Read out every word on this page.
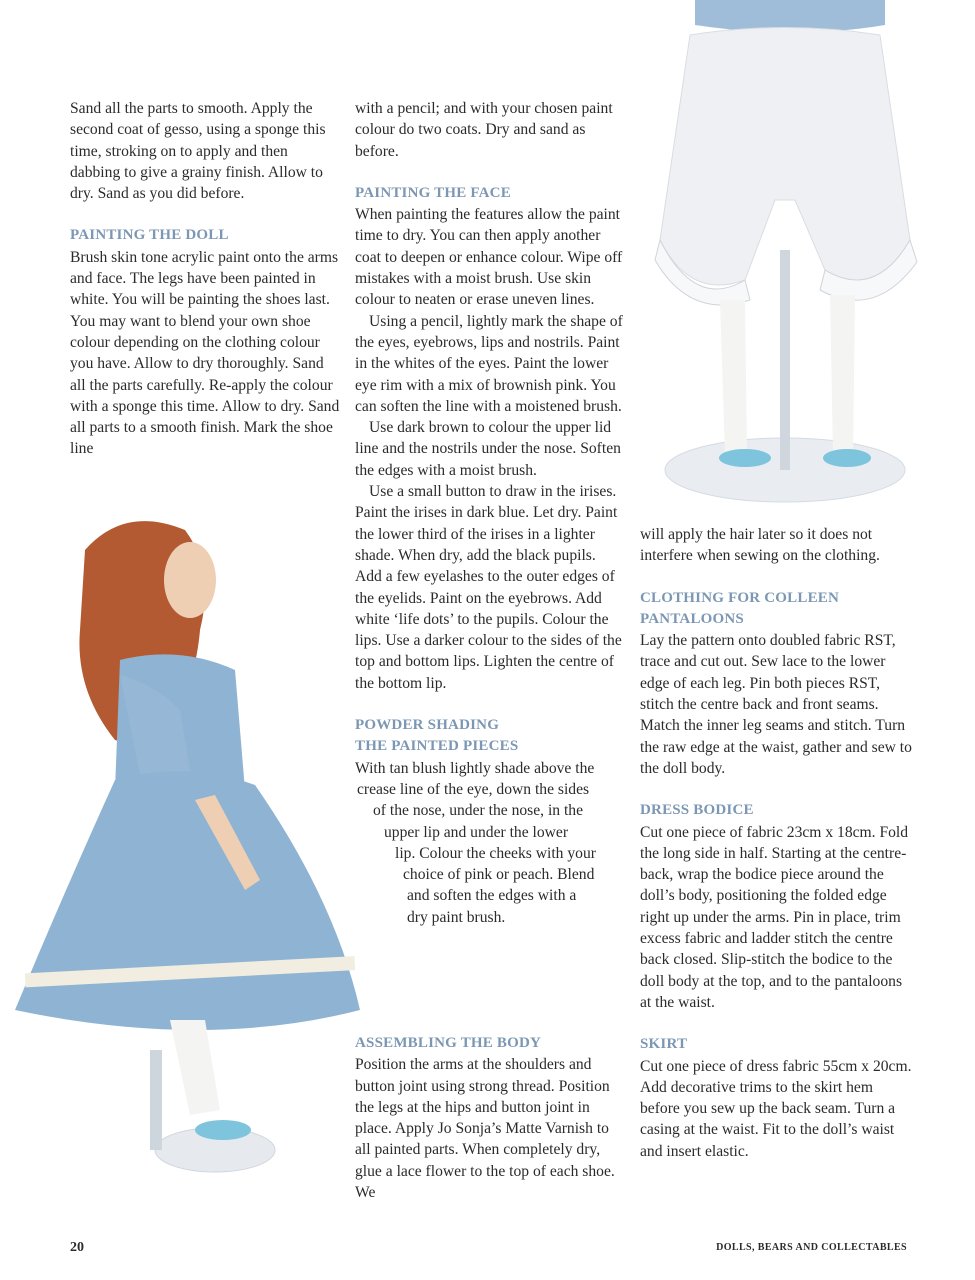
Sand all the parts to smooth. Apply the second coat of gesso, using a sponge this time, stroking on to apply and then dabbing to give a grainy finish. Allow to dry. Sand as you did before.

PAINTING THE DOLL

Brush skin tone acrylic paint onto the arms and face. The legs have been painted in white. You will be painting the shoes last. You may want to blend your own shoe colour depending on the clothing colour you have. Allow to dry thoroughly. Sand all the parts carefully. Re-apply the colour with a sponge this time. Allow to dry. Sand all parts to a smooth finish. Mark the shoe line

with a pencil; and with your chosen paint colour do two coats. Dry and sand as before.

PAINTING THE FACE

When painting the features allow the paint time to dry. You can then apply another coat to deepen or enhance colour. Wipe off mistakes with a moist brush. Use skin colour to neaten or erase uneven lines.

Using a pencil, lightly mark the shape of the eyes, eyebrows, lips and nostrils. Paint in the whites of the eyes. Paint the lower eye rim with a mix of brownish pink. You can soften the line with a moistened brush.

Use dark brown to colour the upper lid line and the nostrils under the nose. Soften the edges with a moist brush.

Use a small button to draw in the irises. Paint the irises in dark blue. Let dry. Paint the lower third of the irises in a lighter shade. When dry, add the black pupils. Add a few eyelashes to the outer edges of the eyelids. Paint on the eyebrows. Add white ‘life dots’ to the pupils. Colour the lips. Use a darker colour to the sides of the top and bottom lips. Lighten the centre of the bottom lip.

POWDER SHADING
THE PAINTED PIECES

With tan blush lightly shade above the
crease line of the eye, down the sides
of the nose, under the nose, in the
upper lip and under the lower
lip. Colour the cheeks with your
choice of pink or peach. Blend
and soften the edges with a
dry paint brush.

ASSEMBLING THE BODY

Position the arms at the shoulders and button joint using strong thread. Position the legs at the hips and button joint in place. Apply Jo Sonja’s Matte Varnish to all painted parts. When completely dry, glue a lace flower to the top of each shoe. We

will apply the hair later so it does not interfere when sewing on the clothing.

CLOTHING FOR COLLEEN
PANTALOONS

Lay the pattern onto doubled fabric RST, trace and cut out. Sew lace to the lower edge of each leg. Pin both pieces RST, stitch the centre back and front seams. Match the inner leg seams and stitch. Turn the raw edge at the waist, gather and sew to the doll body.

DRESS BODICE

Cut one piece of fabric 23cm x 18cm. Fold the long side in half. Starting at the centre-back, wrap the bodice piece around the doll’s body, positioning the folded edge right up under the arms. Pin in place, trim excess fabric and ladder stitch the centre back closed. Slip-stitch the bodice to the doll body at the top, and to the pantaloons at the waist.

SKIRT

Cut one piece of dress fabric 55cm x 20cm. Add decorative trims to the skirt hem before you sew up the back seam. Turn a casing at the waist. Fit to the doll’s waist and insert elastic.

20	DOLLS, BEARS AND COLLECTABLES
